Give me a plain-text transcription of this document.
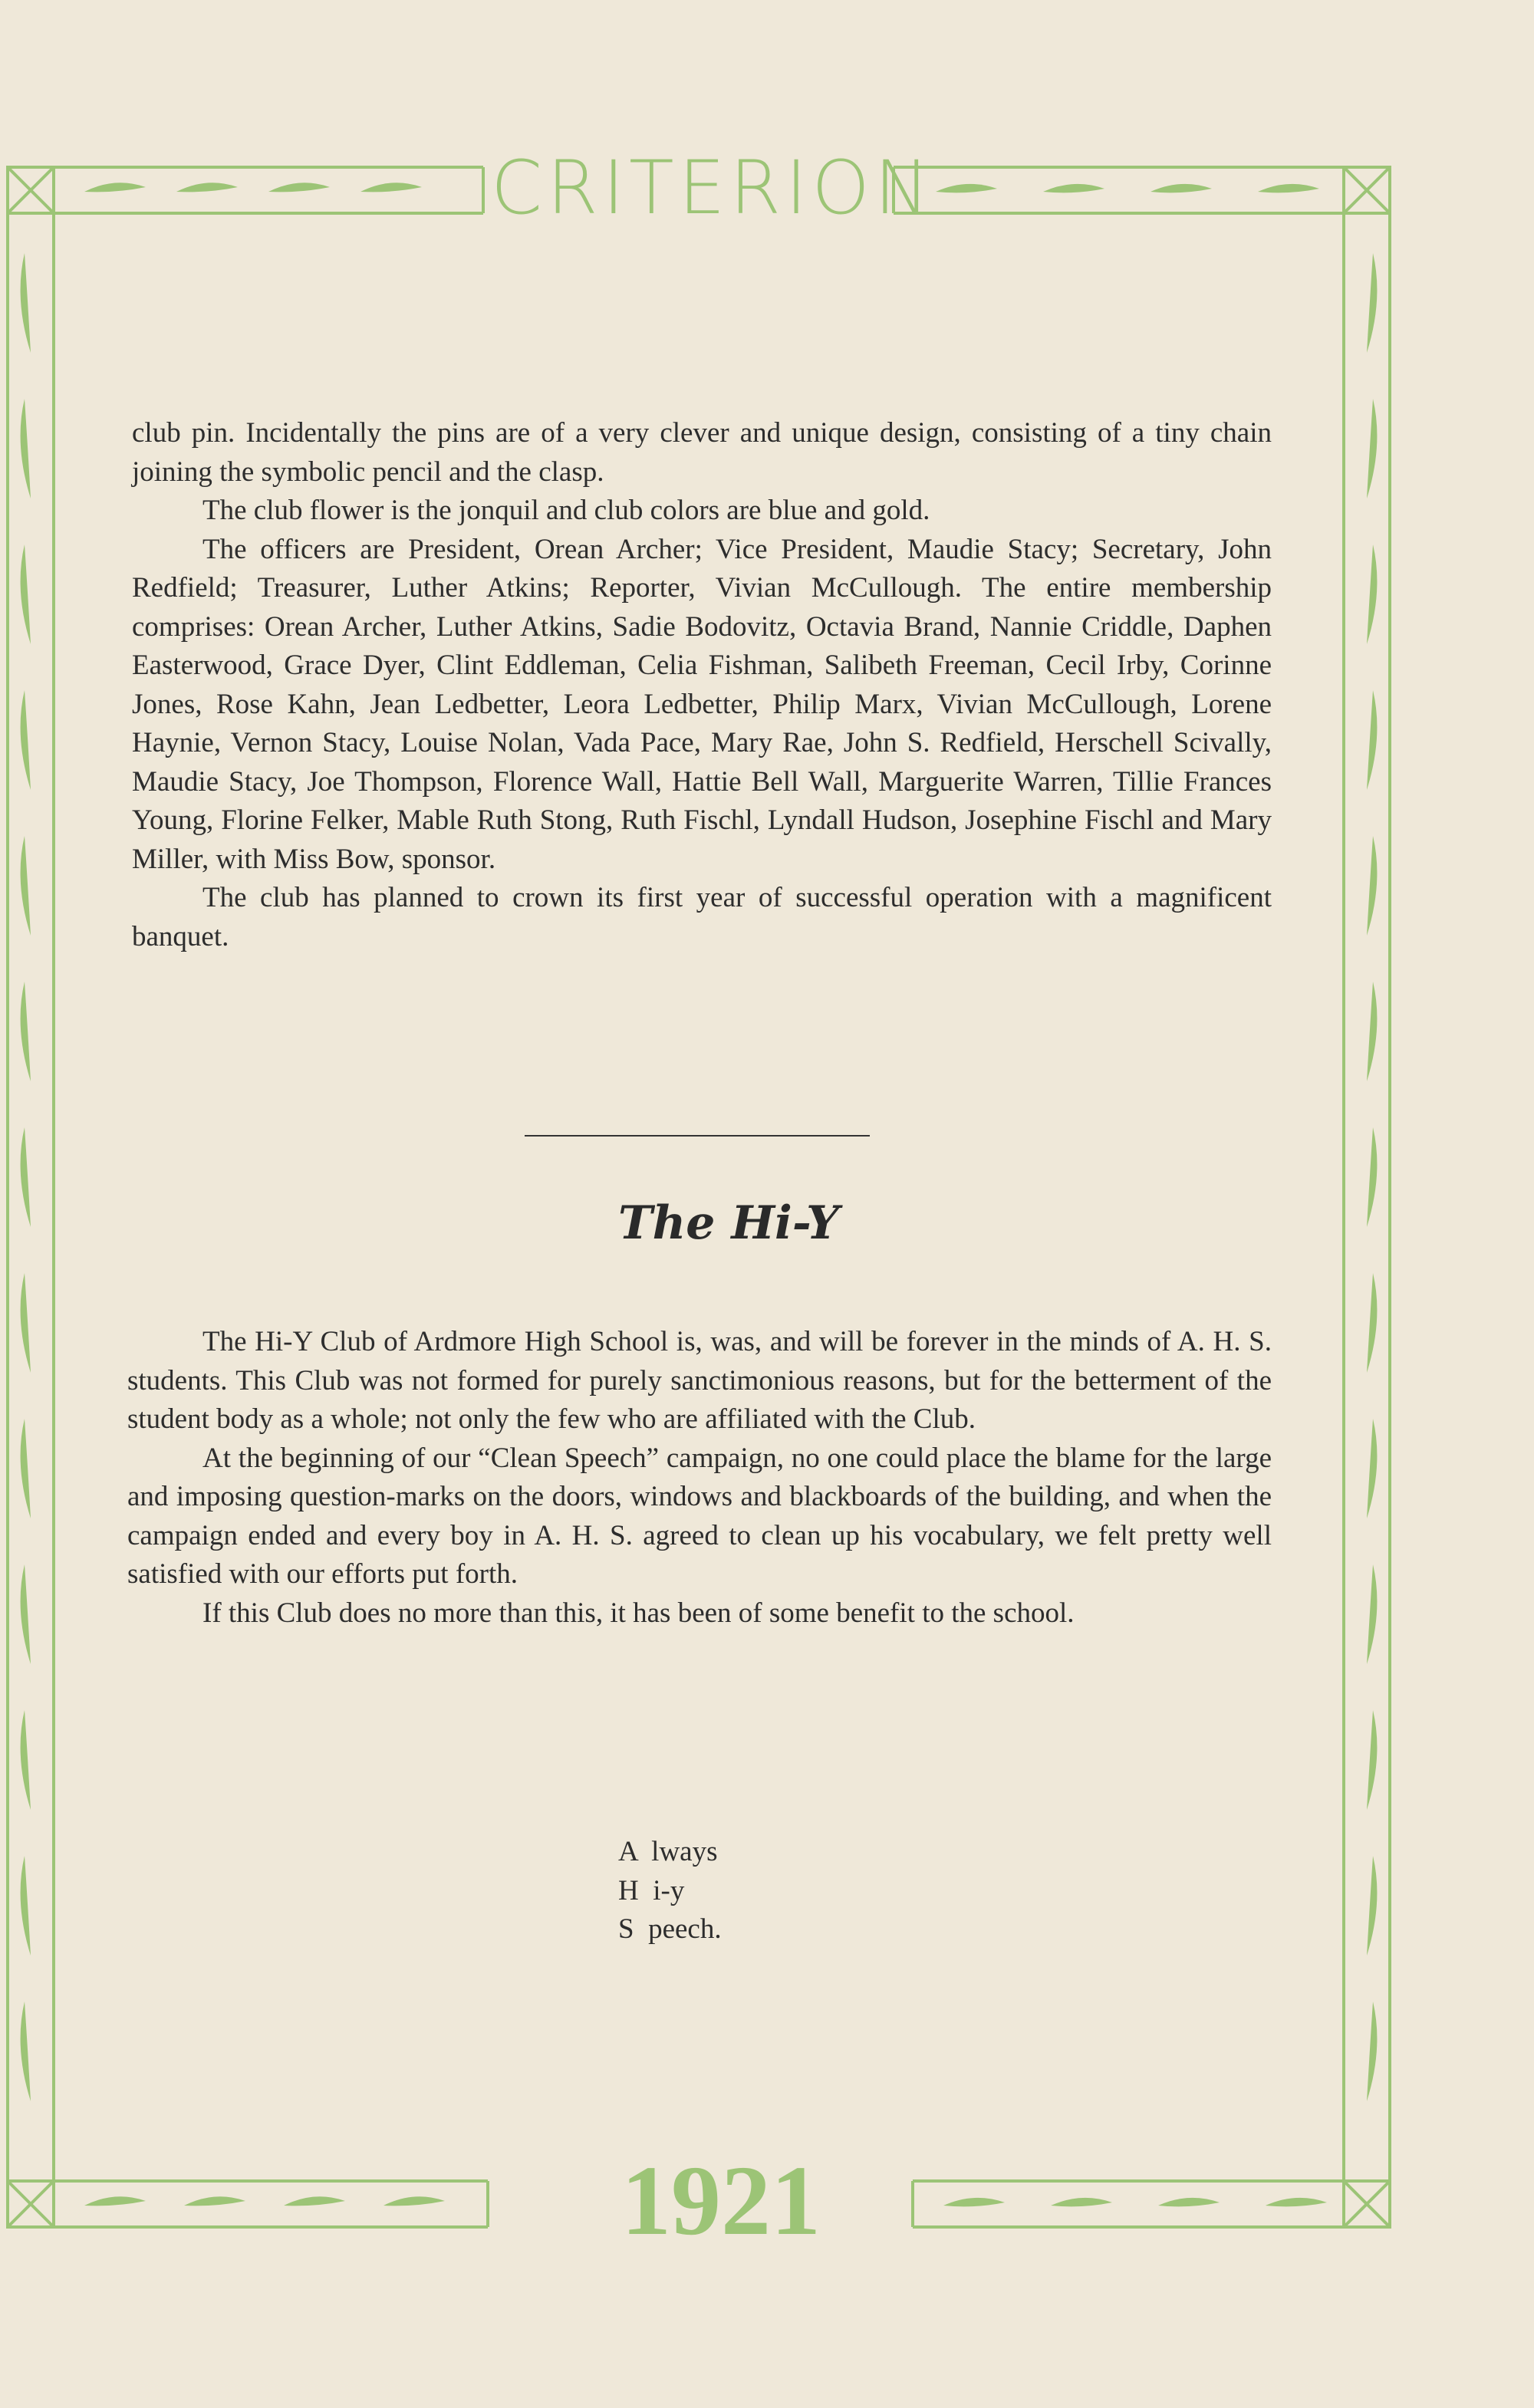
CRITERION

club pin. Incidentally the pins are of a very clever and unique design, consisting of a tiny chain joining the symbolic pencil and the clasp.

The club flower is the jonquil and club colors are blue and gold.

The officers are President, Orean Archer; Vice President, Maudie Stacy; Secretary, John Redfield; Treasurer, Luther Atkins; Reporter, Vivian McCullough. The entire membership comprises: Orean Archer, Luther Atkins, Sadie Bodovitz, Octavia Brand, Nannie Criddle, Daphen Easterwood, Grace Dyer, Clint Eddleman, Celia Fishman, Salibeth Freeman, Cecil Irby, Corinne Jones, Rose Kahn, Jean Ledbetter, Leora Ledbetter, Philip Marx, Vivian McCullough, Lorene Haynie, Vernon Stacy, Louise Nolan, Vada Pace, Mary Rae, John S. Redfield, Herschell Scivally, Maudie Stacy, Joe Thompson, Florence Wall, Hattie Bell Wall, Marguerite Warren, Tillie Frances Young, Florine Felker, Mable Ruth Stong, Ruth Fischl, Lyndall Hudson, Josephine Fischl and Mary Miller, with Miss Bow, sponsor.

The club has planned to crown its first year of successful operation with a magnificent banquet.

The Hi-Y

The Hi-Y Club of Ardmore High School is, was, and will be forever in the minds of A. H. S. students. This Club was not formed for purely sanctimonious reasons, but for the betterment of the student body as a whole; not only the few who are affiliated with the Club.

At the beginning of our “Clean Speech” campaign, no one could place the blame for the large and imposing question-marks on the doors, windows and blackboards of the building, and when the campaign ended and every boy in A. H. S. agreed to clean up his vocabulary, we felt pretty well satisfied with our efforts put forth.

If this Club does no more than this, it has been of some benefit to the school.

A  lways
H  i-y
S  peech.
1921
